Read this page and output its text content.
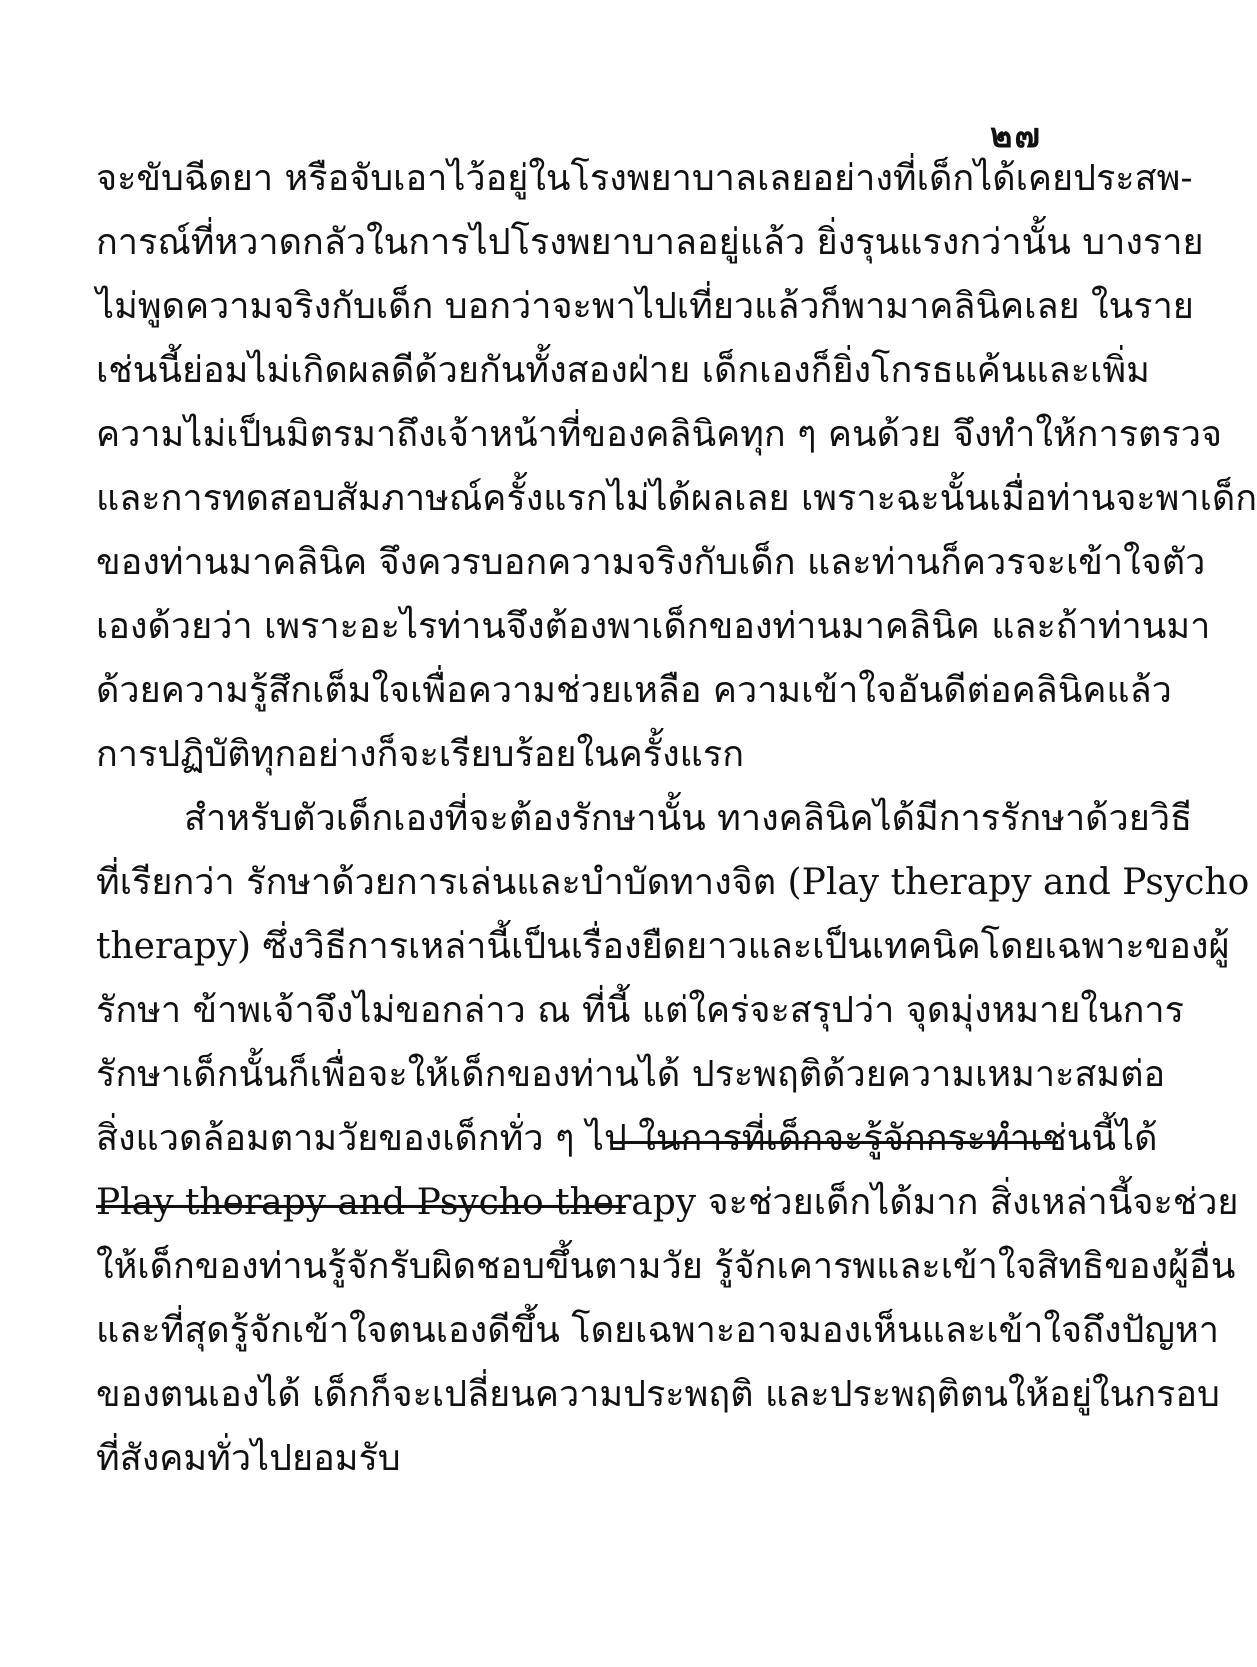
๒๗
จะขับฉีดยา หรือจับเอาไว้อยู่ในโรงพยาบาลเลยอย่างที่เด็กได้เคยประสพ-
การณ์ที่หวาดกลัวในการไปโรงพยาบาลอยู่แล้ว ยิ่งรุนแรงกว่านั้น บางราย
ไม่พูดความจริงกับเด็ก บอกว่าจะพาไปเที่ยวแล้วก็พามาคลินิคเลย ในราย
เช่นนี้ย่อมไม่เกิดผลดีด้วยกันทั้งสองฝ่าย เด็กเองก็ยิ่งโกรธแค้นและเพิ่ม
ความไม่เป็นมิตรมาถึงเจ้าหน้าที่ของคลินิคทุก ๆ คนด้วย จึงทำให้การตรวจ
และการทดสอบสัมภาษณ์ครั้งแรกไม่ได้ผลเลย เพราะฉะนั้นเมื่อท่านจะพาเด็ก
ของท่านมาคลินิค จึงควรบอกความจริงกับเด็ก และท่านก็ควรจะเข้าใจตัว
เองด้วยว่า เพราะอะไรท่านจึงต้องพาเด็กของท่านมาคลินิค และถ้าท่านมา
ด้วยความรู้สึกเต็มใจเพื่อความช่วยเหลือ ความเข้าใจอันดีต่อคลินิคแล้ว
การปฏิบัติทุกอย่างก็จะเรียบร้อยในครั้งแรก
สำหรับตัวเด็กเองที่จะต้องรักษานั้น ทางคลินิคได้มีการรักษาด้วยวิธี
ที่เรียกว่า รักษาด้วยการเล่นและบำบัดทางจิต (Play therapy and Psycho
therapy) ซึ่งวิธีการเหล่านี้เป็นเรื่องยืดยาวและเป็นเทคนิคโดยเฉพาะของผู้
รักษา ข้าพเจ้าจึงไม่ขอกล่าว ณ ที่นี้ แต่ใคร่จะสรุปว่า จุดมุ่งหมายในการ
รักษาเด็กนั้นก็เพื่อจะให้เด็กของท่านได้ ประพฤติด้วยความเหมาะสมต่อ
สิ่งแวดล้อมตามวัยของเด็กทั่ว ๆ ไป ในการที่เด็กจะรู้จักกระทำเช่นนี้ได้
Play therapy and Psycho therapy จะช่วยเด็กได้มาก สิ่งเหล่านี้จะช่วย
ให้เด็กของท่านรู้จักรับผิดชอบขึ้นตามวัย รู้จักเคารพและเข้าใจสิทธิของผู้อื่น
และที่สุดรู้จักเข้าใจตนเองดีขึ้น โดยเฉพาะอาจมองเห็นและเข้าใจถึงปัญหา
ของตนเองได้ เด็กก็จะเปลี่ยนความประพฤติ และประพฤติตนให้อยู่ในกรอบ
ที่สังคมทั่วไปยอมรับ
